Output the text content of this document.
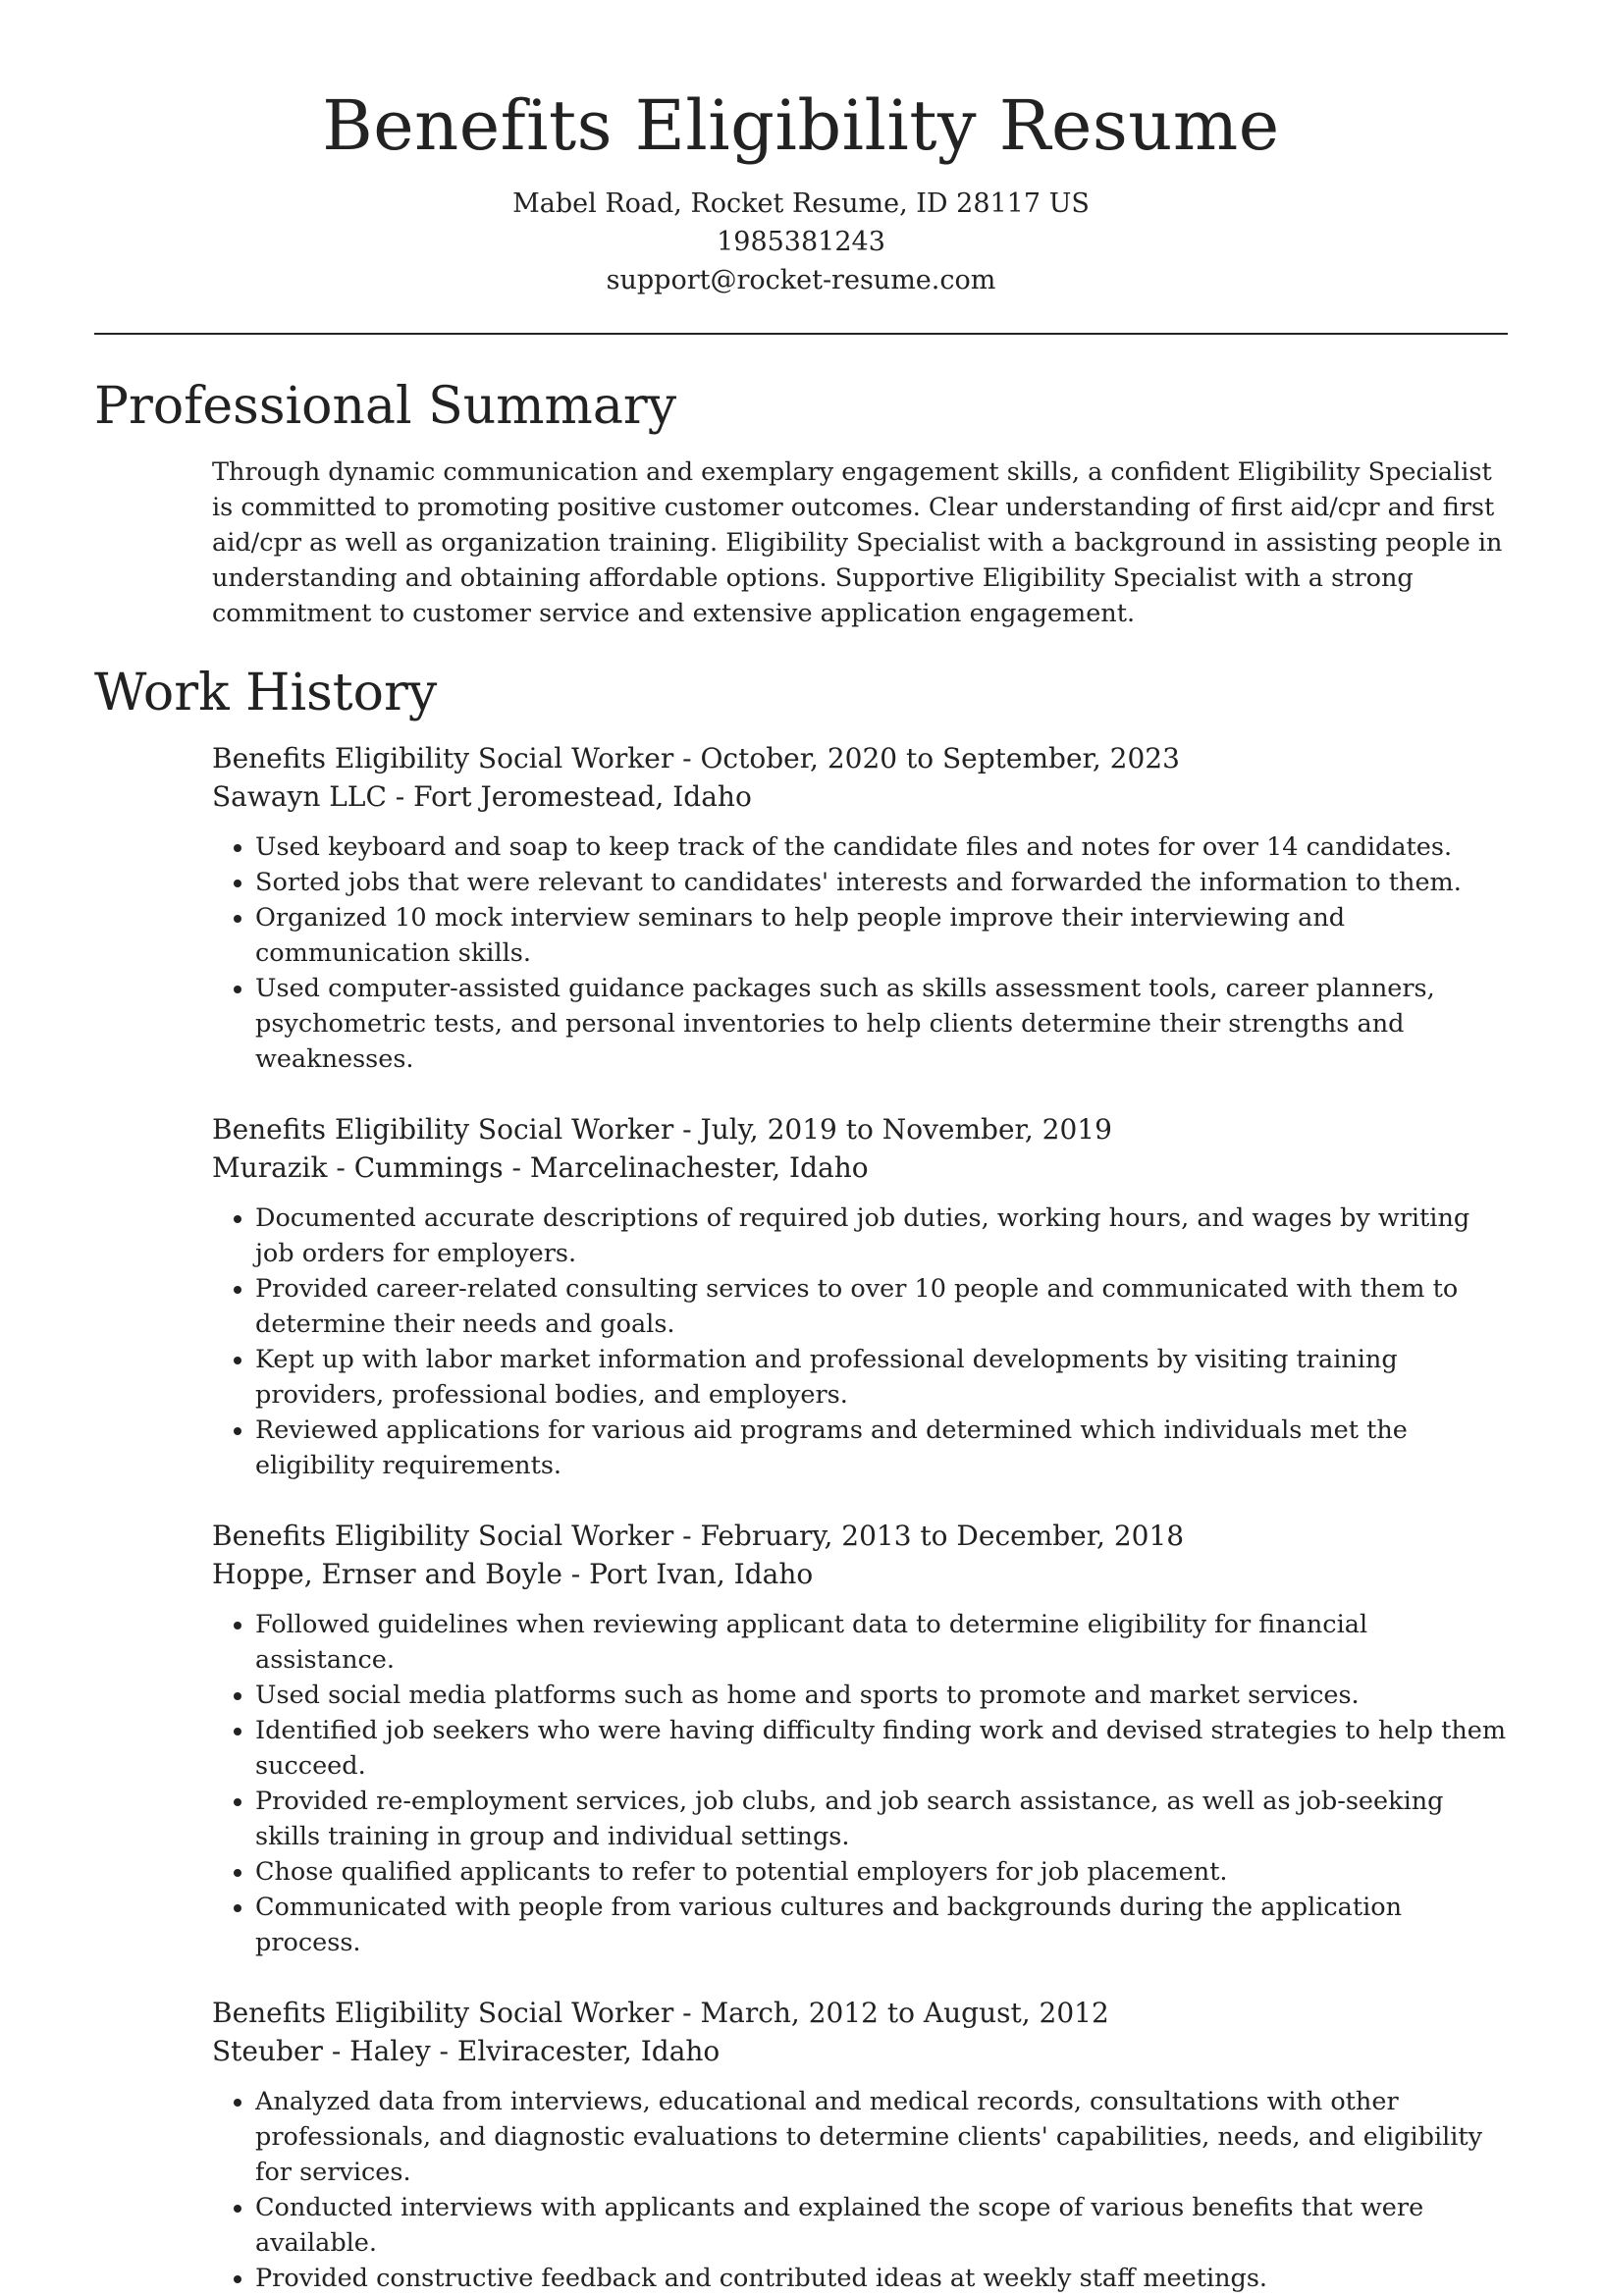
Benefits Eligibility Resume
Mabel Road, Rocket Resume, ID 28117 US
1985381243
support@rocket-resume.com
Professional Summary

Through dynamic communication and exemplary engagement skills, a confident Eligibility Specialist is committed to promoting positive customer outcomes. Clear understanding of first aid/cpr and first aid/cpr as well as organization training. Eligibility Specialist with a background in assisting people in understanding and obtaining affordable options. Supportive Eligibility Specialist with a strong commitment to customer service and extensive application engagement.

Work History
Benefits Eligibility Social Worker - October, 2020 to September, 2023
Sawayn LLC - Fort Jeromestead, Idaho
• Used keyboard and soap to keep track of the candidate files and notes for over 14 candidates.
• Sorted jobs that were relevant to candidates' interests and forwarded the information to them.
• Organized 10 mock interview seminars to help people improve their interviewing and communication skills.
• Used computer-assisted guidance packages such as skills assessment tools, career planners, psychometric tests, and personal inventories to help clients determine their strengths and weaknesses.
Benefits Eligibility Social Worker - July, 2019 to November, 2019
Murazik - Cummings - Marcelinachester, Idaho
• Documented accurate descriptions of required job duties, working hours, and wages by writing job orders for employers.
• Provided career-related consulting services to over 10 people and communicated with them to determine their needs and goals.
• Kept up with labor market information and professional developments by visiting training providers, professional bodies, and employers.
• Reviewed applications for various aid programs and determined which individuals met the eligibility requirements.
Benefits Eligibility Social Worker - February, 2013 to December, 2018
Hoppe, Ernser and Boyle - Port Ivan, Idaho
• Followed guidelines when reviewing applicant data to determine eligibility for financial assistance.
• Used social media platforms such as home and sports to promote and market services.
• Identified job seekers who were having difficulty finding work and devised strategies to help them succeed.
• Provided re-employment services, job clubs, and job search assistance, as well as job-seeking skills training in group and individual settings.
• Chose qualified applicants to refer to potential employers for job placement.
• Communicated with people from various cultures and backgrounds during the application process.
Benefits Eligibility Social Worker - March, 2012 to August, 2012
Steuber - Haley - Elviracester, Idaho
• Analyzed data from interviews, educational and medical records, consultations with other professionals, and diagnostic evaluations to determine clients' capabilities, needs, and eligibility for services.
• Conducted interviews with applicants and explained the scope of various benefits that were available.
• Provided constructive feedback and contributed ideas at weekly staff meetings.
